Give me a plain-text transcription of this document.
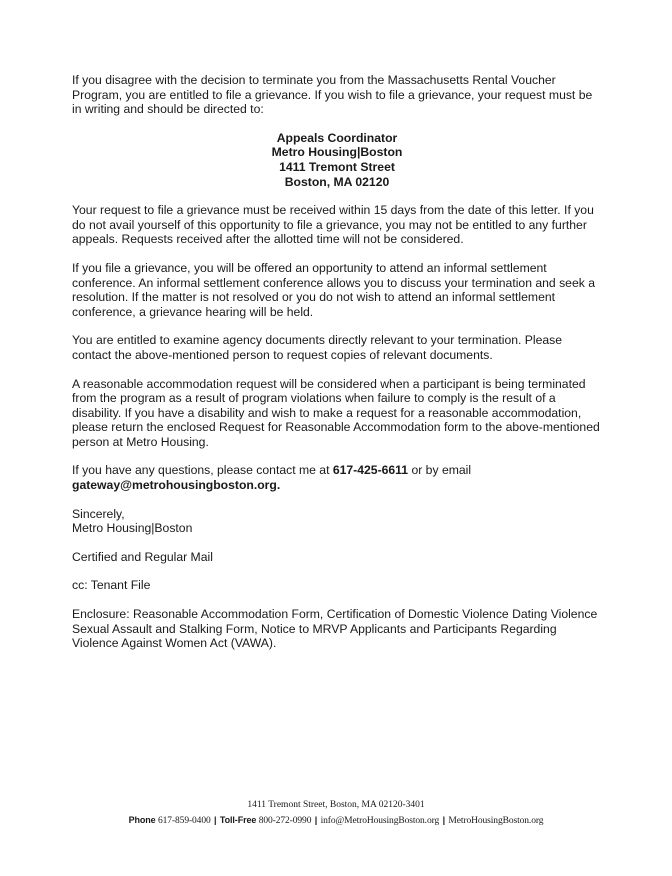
If you disagree with the decision to terminate you from the Massachusetts Rental Voucher Program, you are entitled to file a grievance. If you wish to file a grievance, your request must be in writing and should be directed to:

Appeals Coordinator
Metro Housing|Boston
1411 Tremont Street
Boston, MA 02120

Your request to file a grievance must be received within 15 days from the date of this letter. If you do not avail yourself of this opportunity to file a grievance, you may not be entitled to any further appeals. Requests received after the allotted time will not be considered.

If you file a grievance, you will be offered an opportunity to attend an informal settlement conference. An informal settlement conference allows you to discuss your termination and seek a resolution. If the matter is not resolved or you do not wish to attend an informal settlement conference, a grievance hearing will be held.

You are entitled to examine agency documents directly relevant to your termination. Please contact the above-mentioned person to request copies of relevant documents.

A reasonable accommodation request will be considered when a participant is being terminated from the program as a result of program violations when failure to comply is the result of a disability. If you have a disability and wish to make a request for a reasonable accommodation, please return the enclosed Request for Reasonable Accommodation form to the above-mentioned person at Metro Housing.

If you have any questions, please contact me at 617-425-6611 or by email
gateway@metrohousingboston.org.

Sincerely,

Metro Housing|Boston

Certified and Regular Mail

cc: Tenant File

Enclosure: Reasonable Accommodation Form, Certification of Domestic Violence Dating Violence Sexual Assault and Stalking Form, Notice to MRVP Applicants and Participants Regarding Violence Against Women Act (VAWA).

1411 Tremont Street, Boston, MA 02120-3401
Phone 617-859-0400 | Toll-Free 800-272-0990 | info@MetroHousingBoston.org | MetroHousingBoston.org
